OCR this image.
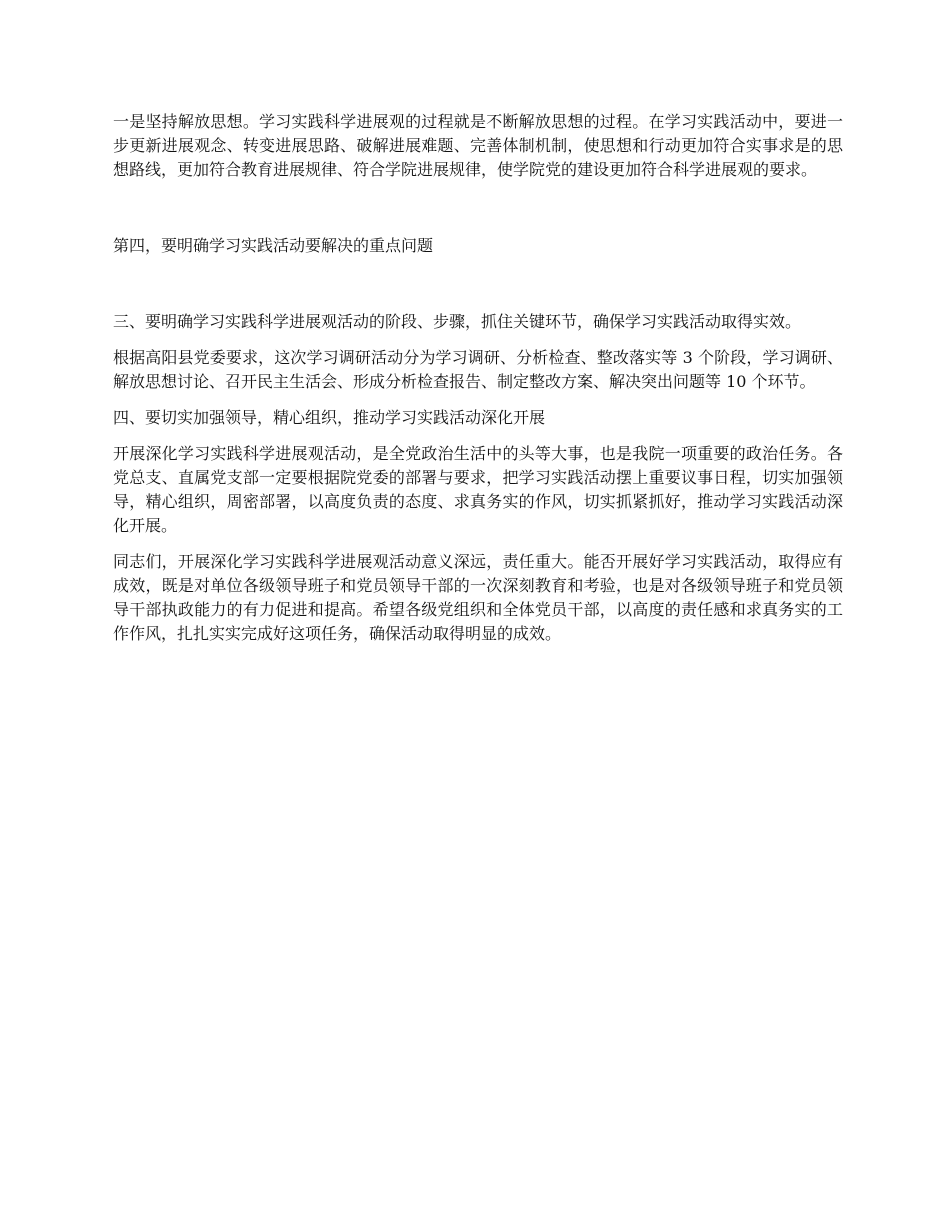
一是坚持解放思想。学习实践科学进展观的过程就是不断解放思想的过程。在学习实践活动中，要进一步更新进展观念、转变进展思路、破解进展难题、完善体制机制，使思想和行动更加符合实事求是的思想路线，更加符合教育进展规律、符合学院进展规律，使学院党的建设更加符合科学进展观的要求。

第四，要明确学习实践活动要解决的重点问题

三、要明确学习实践科学进展观活动的阶段、步骤，抓住关键环节，确保学习实践活动取得实效。

根据高阳县党委要求，这次学习调研活动分为学习调研、分析检查、整改落实等 3 个阶段，学习调研、解放思想讨论、召开民主生活会、形成分析检查报告、制定整改方案、解决突出问题等 10 个环节。

四、要切实加强领导，精心组织，推动学习实践活动深化开展

开展深化学习实践科学进展观活动，是全党政治生活中的头等大事，也是我院一项重要的政治任务。各党总支、直属党支部一定要根据院党委的部署与要求，把学习实践活动摆上重要议事日程，切实加强领导，精心组织，周密部署，以高度负责的态度、求真务实的作风，切实抓紧抓好，推动学习实践活动深化开展。

同志们，开展深化学习实践科学进展观活动意义深远，责任重大。能否开展好学习实践活动，取得应有成效，既是对单位各级领导班子和党员领导干部的一次深刻教育和考验，也是对各级领导班子和党员领导干部执政能力的有力促进和提高。希望各级党组织和全体党员干部，以高度的责任感和求真务实的工作作风，扎扎实实完成好这项任务，确保活动取得明显的成效。
